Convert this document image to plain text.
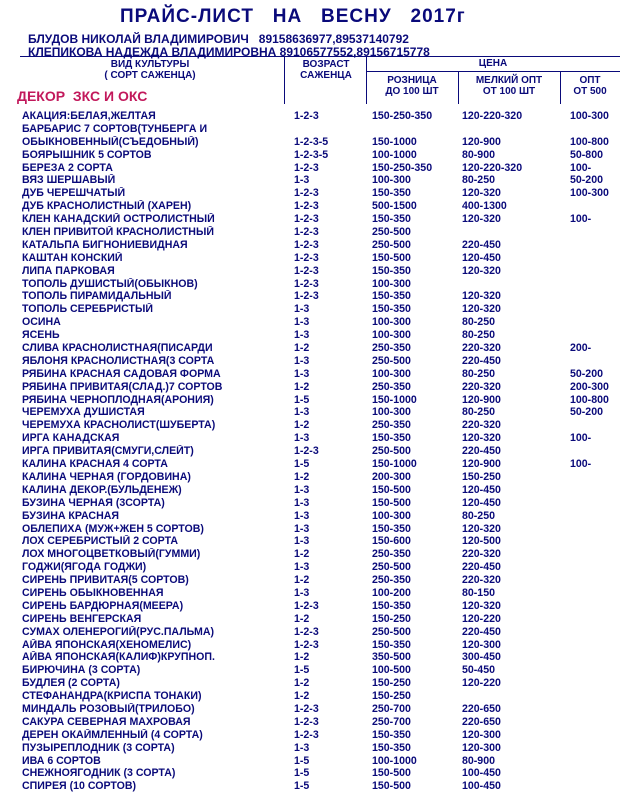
ПРАЙС-ЛИСТ   НА   ВЕСНУ   2017г
БЛУДОВ НИКОЛАЙ ВЛАДИМИРОВИЧ   89158636977,89537140792
КЛЕПИКОВА НАДЕЖДА ВЛАДИМИРОВНА 89106577552,89156715778
ВИД КУЛЬТУРЫ
( СОРТ САЖЕНЦА)
ВОЗРАСТ
САЖЕНЦА
ЦЕНА
РОЗНИЦА
ДО 100 ШТ
МЕЛКИЙ ОПТ
ОТ 100 ШТ
ОПТ
ОТ 500
ДЕКОР  ЗКС И ОКС
АКАЦИЯ:БЕЛАЯ,ЖЕЛТАЯ	1-2-3	150-250-350	120-220-320	100-300
БАРБАРИС 7 СОРТОВ(ТУНБЕРГА И
ОБЫКНОВЕННЫЙ(СЪЕДОБНЫЙ)	1-2-3-5	150-1000	120-900	100-800
БОЯРЫШНИК 5 СОРТОВ	1-2-3-5	100-1000	80-900	50-800
БЕРЕЗА 2 СОРТА	1-2-3	150-250-350	120-220-320	100-
ВЯЗ ШЕРШАВЫЙ	1-3	100-300	80-250	50-200
ДУБ ЧЕРЕШЧАТЫЙ	1-2-3	150-350	120-320	100-300
ДУБ КРАСНОЛИСТНЫЙ (ХАРЕН)	1-2-3	500-1500	400-1300
КЛЕН КАНАДСКИЙ ОСТРОЛИСТНЫЙ	1-2-3	150-350	120-320	100-
КЛЕН ПРИВИТОЙ КРАСНОЛИСТНЫЙ	1-2-3	250-500
КАТАЛЬПА БИГНОНИЕВИДНАЯ	1-2-3	250-500	220-450
КАШТАН КОНСКИЙ	1-2-3	150-500	120-450
ЛИПА ПАРКОВАЯ	1-2-3	150-350	120-320
ТОПОЛЬ ДУШИСТЫЙ(ОБЫКНОВ)	1-2-3	100-300
ТОПОЛЬ ПИРАМИДАЛЬНЫЙ	1-2-3	150-350	120-320
ТОПОЛЬ СЕРЕБРИСТЫЙ	1-3	150-350	120-320
ОСИНА	1-3	100-300	80-250
ЯСЕНЬ	1-3	100-300	80-250
СЛИВА КРАСНОЛИСТНАЯ(ПИСАРДИ	1-2	250-350	220-320	200-
ЯБЛОНЯ КРАСНОЛИСТНАЯ(3 СОРТА	1-3	250-500	220-450
РЯБИНА КРАСНАЯ САДОВАЯ ФОРМА	1-3	100-300	80-250	50-200
РЯБИНА ПРИВИТАЯ(СЛАД.)7 СОРТОВ	1-2	250-350	220-320	200-300
РЯБИНА ЧЕРНОПЛОДНАЯ(АРОНИЯ)	1-5	150-1000	120-900	100-800
ЧЕРЕМУХА ДУШИСТАЯ	1-3	100-300	80-250	50-200
ЧЕРЕМУХА КРАСНОЛИСТ(ШУБЕРТА)	1-2	250-350	220-320
ИРГА КАНАДСКАЯ	1-3	150-350	120-320	100-
ИРГА ПРИВИТАЯ(СМУГИ,СЛЕЙТ)	1-2-3	250-500	220-450
КАЛИНА КРАСНАЯ 4 СОРТА	1-5	150-1000	120-900	100-
КАЛИНА ЧЕРНАЯ (ГОРДОВИНА)	1-2	200-300	150-250
КАЛИНА ДЕКОР.(БУЛЬДЕНЕЖ)	1-3	150-500	120-450
БУЗИНА ЧЕРНАЯ (3СОРТА)	1-3	150-500	120-450
БУЗИНА КРАСНАЯ	1-3	100-300	80-250
ОБЛЕПИХА (МУЖ+ЖЕН 5 СОРТОВ)	1-3	150-350	120-320
ЛОХ СЕРЕБРИСТЫЙ 2 СОРТА	1-3	150-600	120-500
ЛОХ МНОГОЦВЕТКОВЫЙ(ГУММИ)	1-2	250-350	220-320
ГОДЖИ(ЯГОДА ГОДЖИ)	1-3	250-500	220-450
СИРЕНЬ ПРИВИТАЯ(5 СОРТОВ)	1-2	250-350	220-320
СИРЕНЬ ОБЫКНОВЕННАЯ	1-3	100-200	80-150
СИРЕНЬ БАРДЮРНАЯ(МЕЕРА)	1-2-3	150-350	120-320
СИРЕНЬ ВЕНГЕРСКАЯ	1-2	150-250	120-220
СУМАХ ОЛЕНЕРОГИЙ(РУС.ПАЛЬМА)	1-2-3	250-500	220-450
АЙВА ЯПОНСКАЯ(ХЕНОМЕЛИС)	1-2-3	150-350	120-300
АЙВА ЯПОНСКАЯ(КАЛИФ)КРУПНОП.	1-2	350-500	300-450
БИРЮЧИНА (3 СОРТА)	1-5	100-500	50-450
БУДЛЕЯ (2 СОРТА)	1-2	150-250	120-220
СТЕФАНАНДРА(КРИСПА ТОНАКИ)	1-2	150-250
МИНДАЛЬ РОЗОВЫЙ(ТРИЛОБО)	1-2-3	250-700	220-650
САКУРА СЕВЕРНАЯ МАХРОВАЯ	1-2-3	250-700	220-650
ДЕРЕН ОКАЙМЛЕННЫЙ (4 СОРТА)	1-2-3	150-350	120-300
ПУЗЫРЕПЛОДНИК (3 СОРТА)	1-3	150-350	120-300
ИВА 6 СОРТОВ	1-5	100-1000	80-900
СНЕЖНОЯГОДНИК (3 СОРТА)	1-5	150-500	100-450
СПИРЕЯ (10 СОРТОВ)	1-5	150-500	100-450
